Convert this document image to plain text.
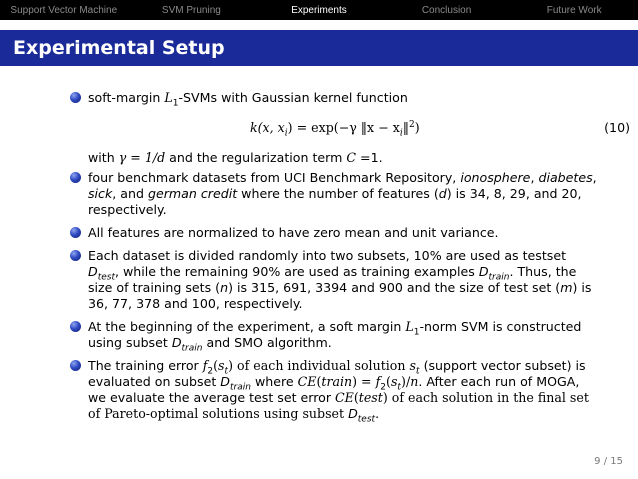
Support Vector Machine	SVM Pruning	Experiments	Conclusion	Future Work
Experimental Setup
soft-margin $L_1$-SVMs with Gaussian kernel function
k(x, $x_i) = \exp(-\gamma$ ‖x − $x_i‖^2$)	(10)
with γ = 1/d and the regularization term C =1.
four benchmark datasets from UCI Benchmark Repository, ionosphere, diabetes, sick, and german credit where the number of features (d) is 34, 8, 29, and 20, respectively.
All features are normalized to have zero mean and unit variance.
Each dataset is divided randomly into two subsets, 10% are used as testset $D_{test}$, while the remaining 90% are used as training examples $D_{train}$. Thus, the size of training sets (n) is 315, 691, 3394 and 900 and the size of test set (m) is 36, 77, 378 and 100, respectively.
At the beginning of the experiment, a soft margin $L_1$-norm SVM is constructed using subset $D_{train}$ and SMO algorithm.
The training error $f_2(s_t)$ of each individual solution $s_t$ (support vector subset) is evaluated on subset $D_{train}$ where CE(train) = $f_2(s_t)/n$. After each run of MOGA, we evaluate the average test set error CE(test) of each solution in the final set of Pareto-optimal solutions using subset $D_{test}$.
9 / 15
